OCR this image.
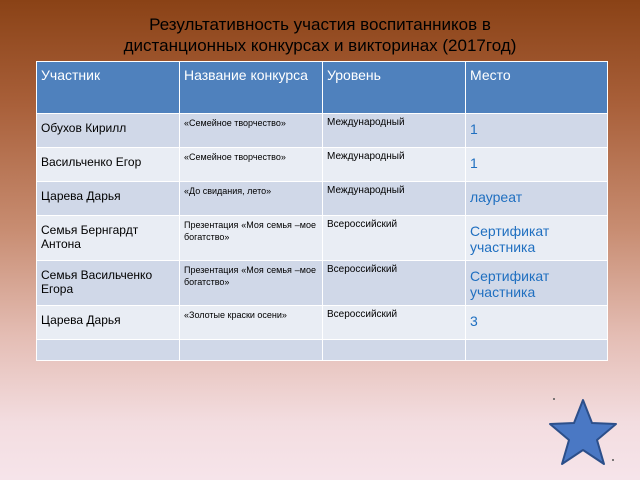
Результативность участия воспитанников в
дистанционных конкурсах и викторинах (2017год)
Участник	Название конкурса	Уровень	Место

Обухов Кирилл	«Семейное творчество»	Международный	1

Васильченко Егор	«Семейное творчество»	Международный	1

Царева Дарья	«До свидания, лето»	Международный	лауреат

Семья Бернгардт Антона	Презентация «Моя семья –мое богатство»	Всероссийский	Сертификат участника

Семья Васильченко Егора	Презентация «Моя семья –мое богатство»	Всероссийский	Сертификат участника

Царева Дарья	«Золотые краски осени»	Всероссийский	3
